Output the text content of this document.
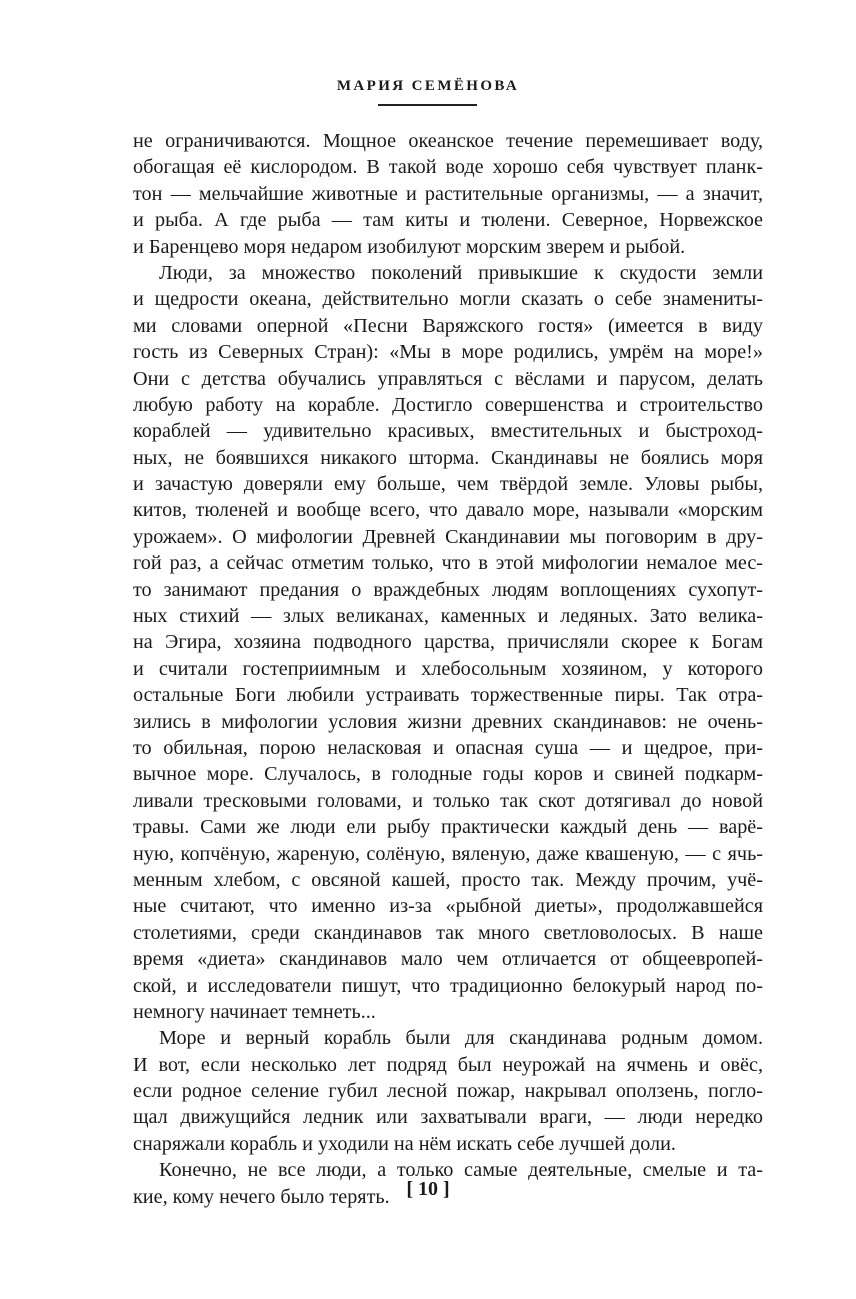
МАРИЯ СЕМЁНОВА
не ограничиваются. Мощное океанское течение перемешивает воду,
обогащая её кислородом. В такой воде хорошо себя чувствует планк-
тон — мельчайшие животные и растительные организмы, — а значит,
и рыба. А где рыба — там киты и тюлени. Северное, Норвежское
и Баренцево моря недаром изобилуют морским зверем и рыбой.
Люди, за множество поколений привыкшие к скудости земли
и щедрости океана, действительно могли сказать о себе знамениты-
ми словами оперной «Песни Варяжского гостя» (имеется в виду
гость из Северных Стран): «Мы в море родились, умрём на море!»
Они с детства обучались управляться с вёслами и парусом, делать
любую работу на корабле. Достигло совершенства и строительство
кораблей — удивительно красивых, вместительных и быстроход-
ных, не боявшихся никакого шторма. Скандинавы не боялись моря
и зачастую доверяли ему больше, чем твёрдой земле. Уловы рыбы,
китов, тюленей и вообще всего, что давало море, называли «морским
урожаем». О мифологии Древней Скандинавии мы поговорим в дру-
гой раз, а сейчас отметим только, что в этой мифологии немалое мес-
то занимают предания о враждебных людям воплощениях сухопут-
ных стихий — злых великанах, каменных и ледяных. Зато велика-
на Эгира, хозяина подводного царства, причисляли скорее к Богам
и считали гостеприимным и хлебосольным хозяином, у которого
остальные Боги любили устраивать торжественные пиры. Так отра-
зились в мифологии условия жизни древних скандинавов: не очень-
то обильная, порою неласковая и опасная суша — и щедрое, при-
вычное море. Случалось, в голодные годы коров и свиней подкарм-
ливали тресковыми головами, и только так скот дотягивал до новой
травы. Сами же люди ели рыбу практически каждый день — варё-
ную, копчёную, жареную, солёную, вяленую, даже квашеную, — с ячь-
менным хлебом, с овсяной кашей, просто так. Между прочим, учё-
ные считают, что именно из-за «рыбной диеты», продолжавшейся
столетиями, среди скандинавов так много светловолосых. В наше
время «диета» скандинавов мало чем отличается от общеевропей-
ской, и исследователи пишут, что традиционно белокурый народ по-
немногу начинает темнеть...
Море и верный корабль были для скандинава родным домом.
И вот, если несколько лет подряд был неурожай на ячмень и овёс,
если родное селение губил лесной пожар, накрывал оползень, погло-
щал движущийся ледник или захватывали враги, — люди нередко
снаряжали корабль и уходили на нём искать себе лучшей доли.
Конечно, не все люди, а только самые деятельные, смелые и та-
кие, кому нечего было терять. [ 10 ]
